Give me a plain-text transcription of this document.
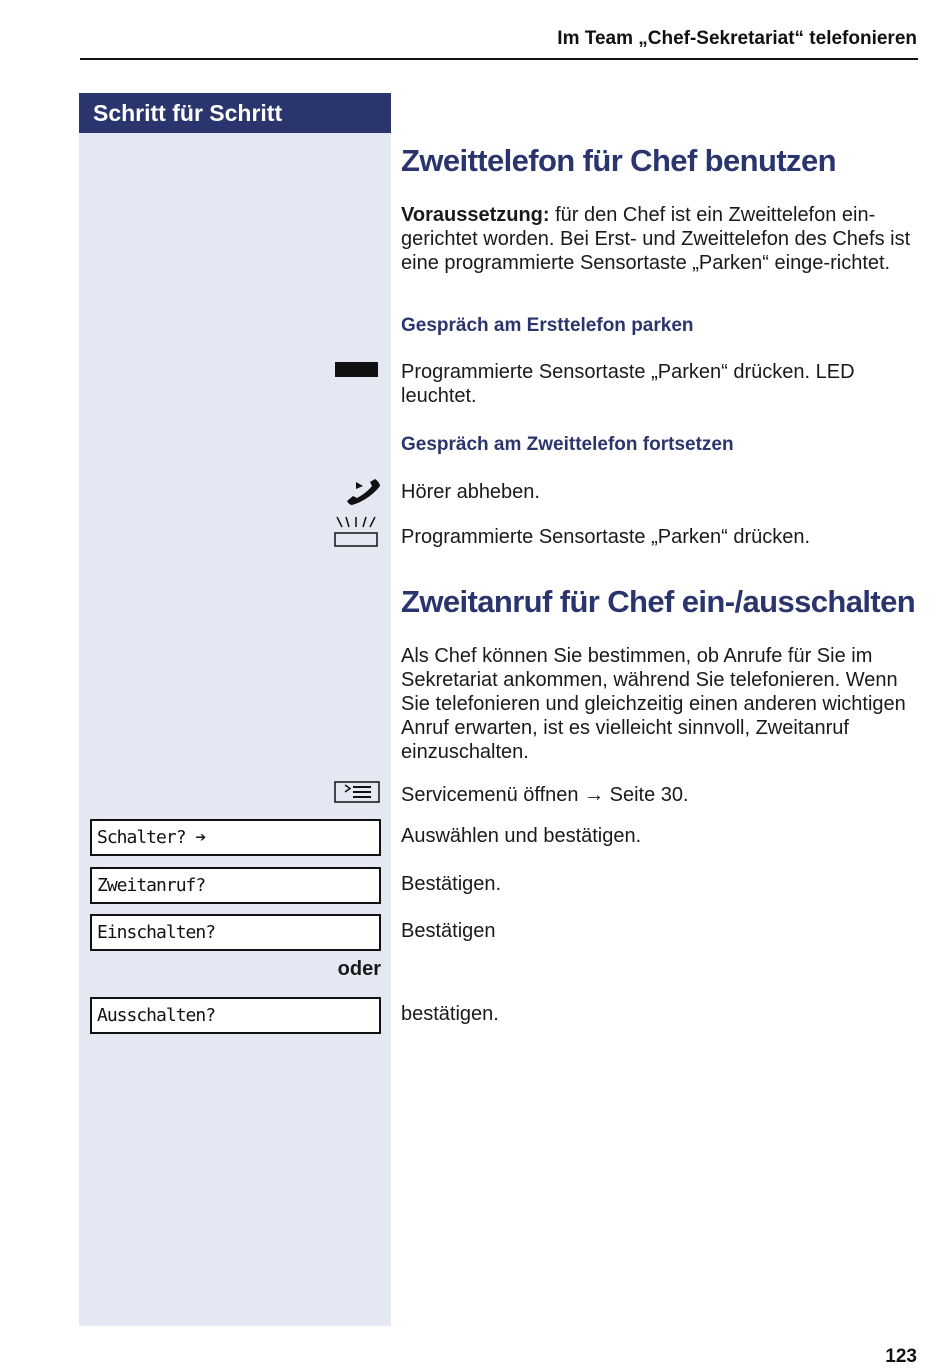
Im Team „Chef-Sekretariat“ telefonieren
Schritt für Schritt
Zweittelefon für Chef benutzen
Voraussetzung: für den Chef ist ein Zweittelefon ein-gerichtet worden. Bei Erst- und Zweittelefon des Chefs ist eine programmierte Sensortaste „Parken“ einge-richtet.
Gespräch am Ersttelefon parken
Programmierte Sensortaste „Parken“ drücken. LED leuchtet.
Gespräch am Zweittelefon fortsetzen
Hörer abheben.
Programmierte Sensortaste „Parken“ drücken.
Zweitanruf für Chef ein-/ausschalten
Als Chef können Sie bestimmen, ob Anrufe für Sie im Sekretariat ankommen, während Sie telefonieren. Wenn Sie telefonieren und gleichzeitig einen anderen wichtigen Anruf erwarten, ist es vielleicht sinnvoll, Zweitanruf einzuschalten.
Servicemenü öffnen → Seite 30.
Schalter? ➔	Auswählen und bestätigen.
Zweitanruf?	Bestätigen.
Einschalten?	Bestätigen
oder
Ausschalten?	bestätigen.
123
